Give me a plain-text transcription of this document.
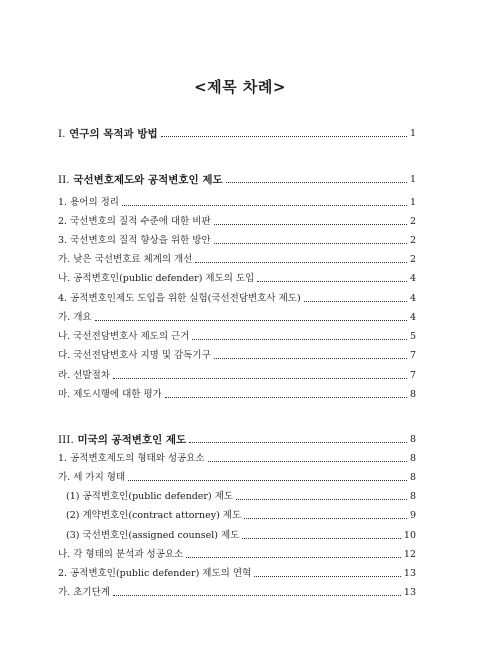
<제목 차례>
I. 연구의 목적과 방법	1
II. 국선변호제도와 공적변호인 제도	1
1. 용어의 정리	1
2. 국선변호의 질적 수준에 대한 비판	2
3. 국선변호의 질적 향상을 위한 방안	2
가. 낮은 국선변호료 체계의 개선	2
나. 공적변호인(public defender) 제도의 도입	4
4. 공적변호인제도 도입을 위한 실험(국선전담변호사 제도)	4
가. 개요	4
나. 국선전담변호사 제도의 근거	5
다. 국선전담변호사 지명 및 감독기구	7
라. 선발절차	7
마. 제도시행에 대한 평가	8
III. 미국의 공적변호인 제도	8
1. 공적변호제도의 형태와 성공요소	8
가. 세 가지 형태	8
(1) 공적변호인(public defender) 제도	8
(2) 계약변호인(contract attorney) 제도	9
(3) 국선변호인(assigned counsel) 제도	10
나. 각 형태의 분석과 성공요소	12
2. 공적변호인(public defender) 제도의 연혁	13
가. 초기단계	13
